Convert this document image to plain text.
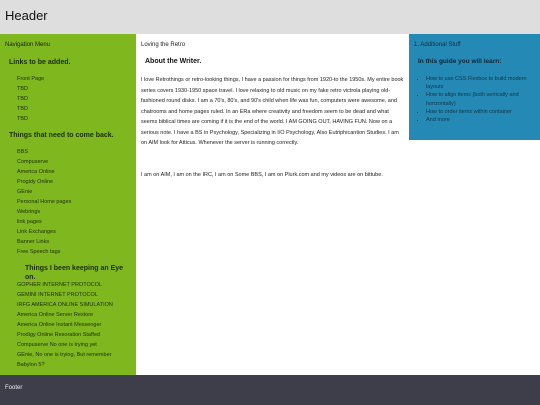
Header
Navigation Menu
Links to be added.
Front Page
TBD
TBD
TBD
TBD
Things that need to come back.
BBS
Compuserve
America Online
Progidy Online
GEnie
Personal Home pages
Webrings
link pages
Link Exchanges
Banner Links
Free Speech tags
Things I been keeping an Eye on.
GOPHER INTERNET PROTOCOL
GEMINI INTERNET PROTOCOL
IRFG AMERICA ONLINE SIMULATION
America Online Server Restore
America Online Instant Messenger
Prodigy Online Resoration Staffed
Compuserve No one is trying yet
GEnie, No one is trying, But remember
Babylon 5?
Loving the Retro
About the Writer.

I love Retrothings or retro-looking things, I have a passion for things from 1920-to the 1950s. My entire book series covers 1930-1950 space travel. I love relaxing to old music on my fake retro victrola playing old-fashioned round disks. I am a 70's, 80's, and 90's child when life was fun, computers were awesome, and chatrooms and home pages ruled. In an ERa where creativity and freedom seem to be dead and what seems biblical times are coming if it is the end of the world. I AM GOING OUT, HAVING FUN. Now on a serious note. I have a BS in Psychology, Specializing in I/O Psychology, Also Eutriphicantion Studies. I am on AIM look for Atticus. Whenever the server is running correctly.

I am on AIM, I am on the IRC, I am on Some BBS, I am on Plurk.com and my videos are on bittube.

1. Additional Stuff
In this guide you will learn:
• How to use CSS Flexbox to build modern layouts
• How to align items (both vertically and horizontally)
• How to order items within container
• And more
Footer
